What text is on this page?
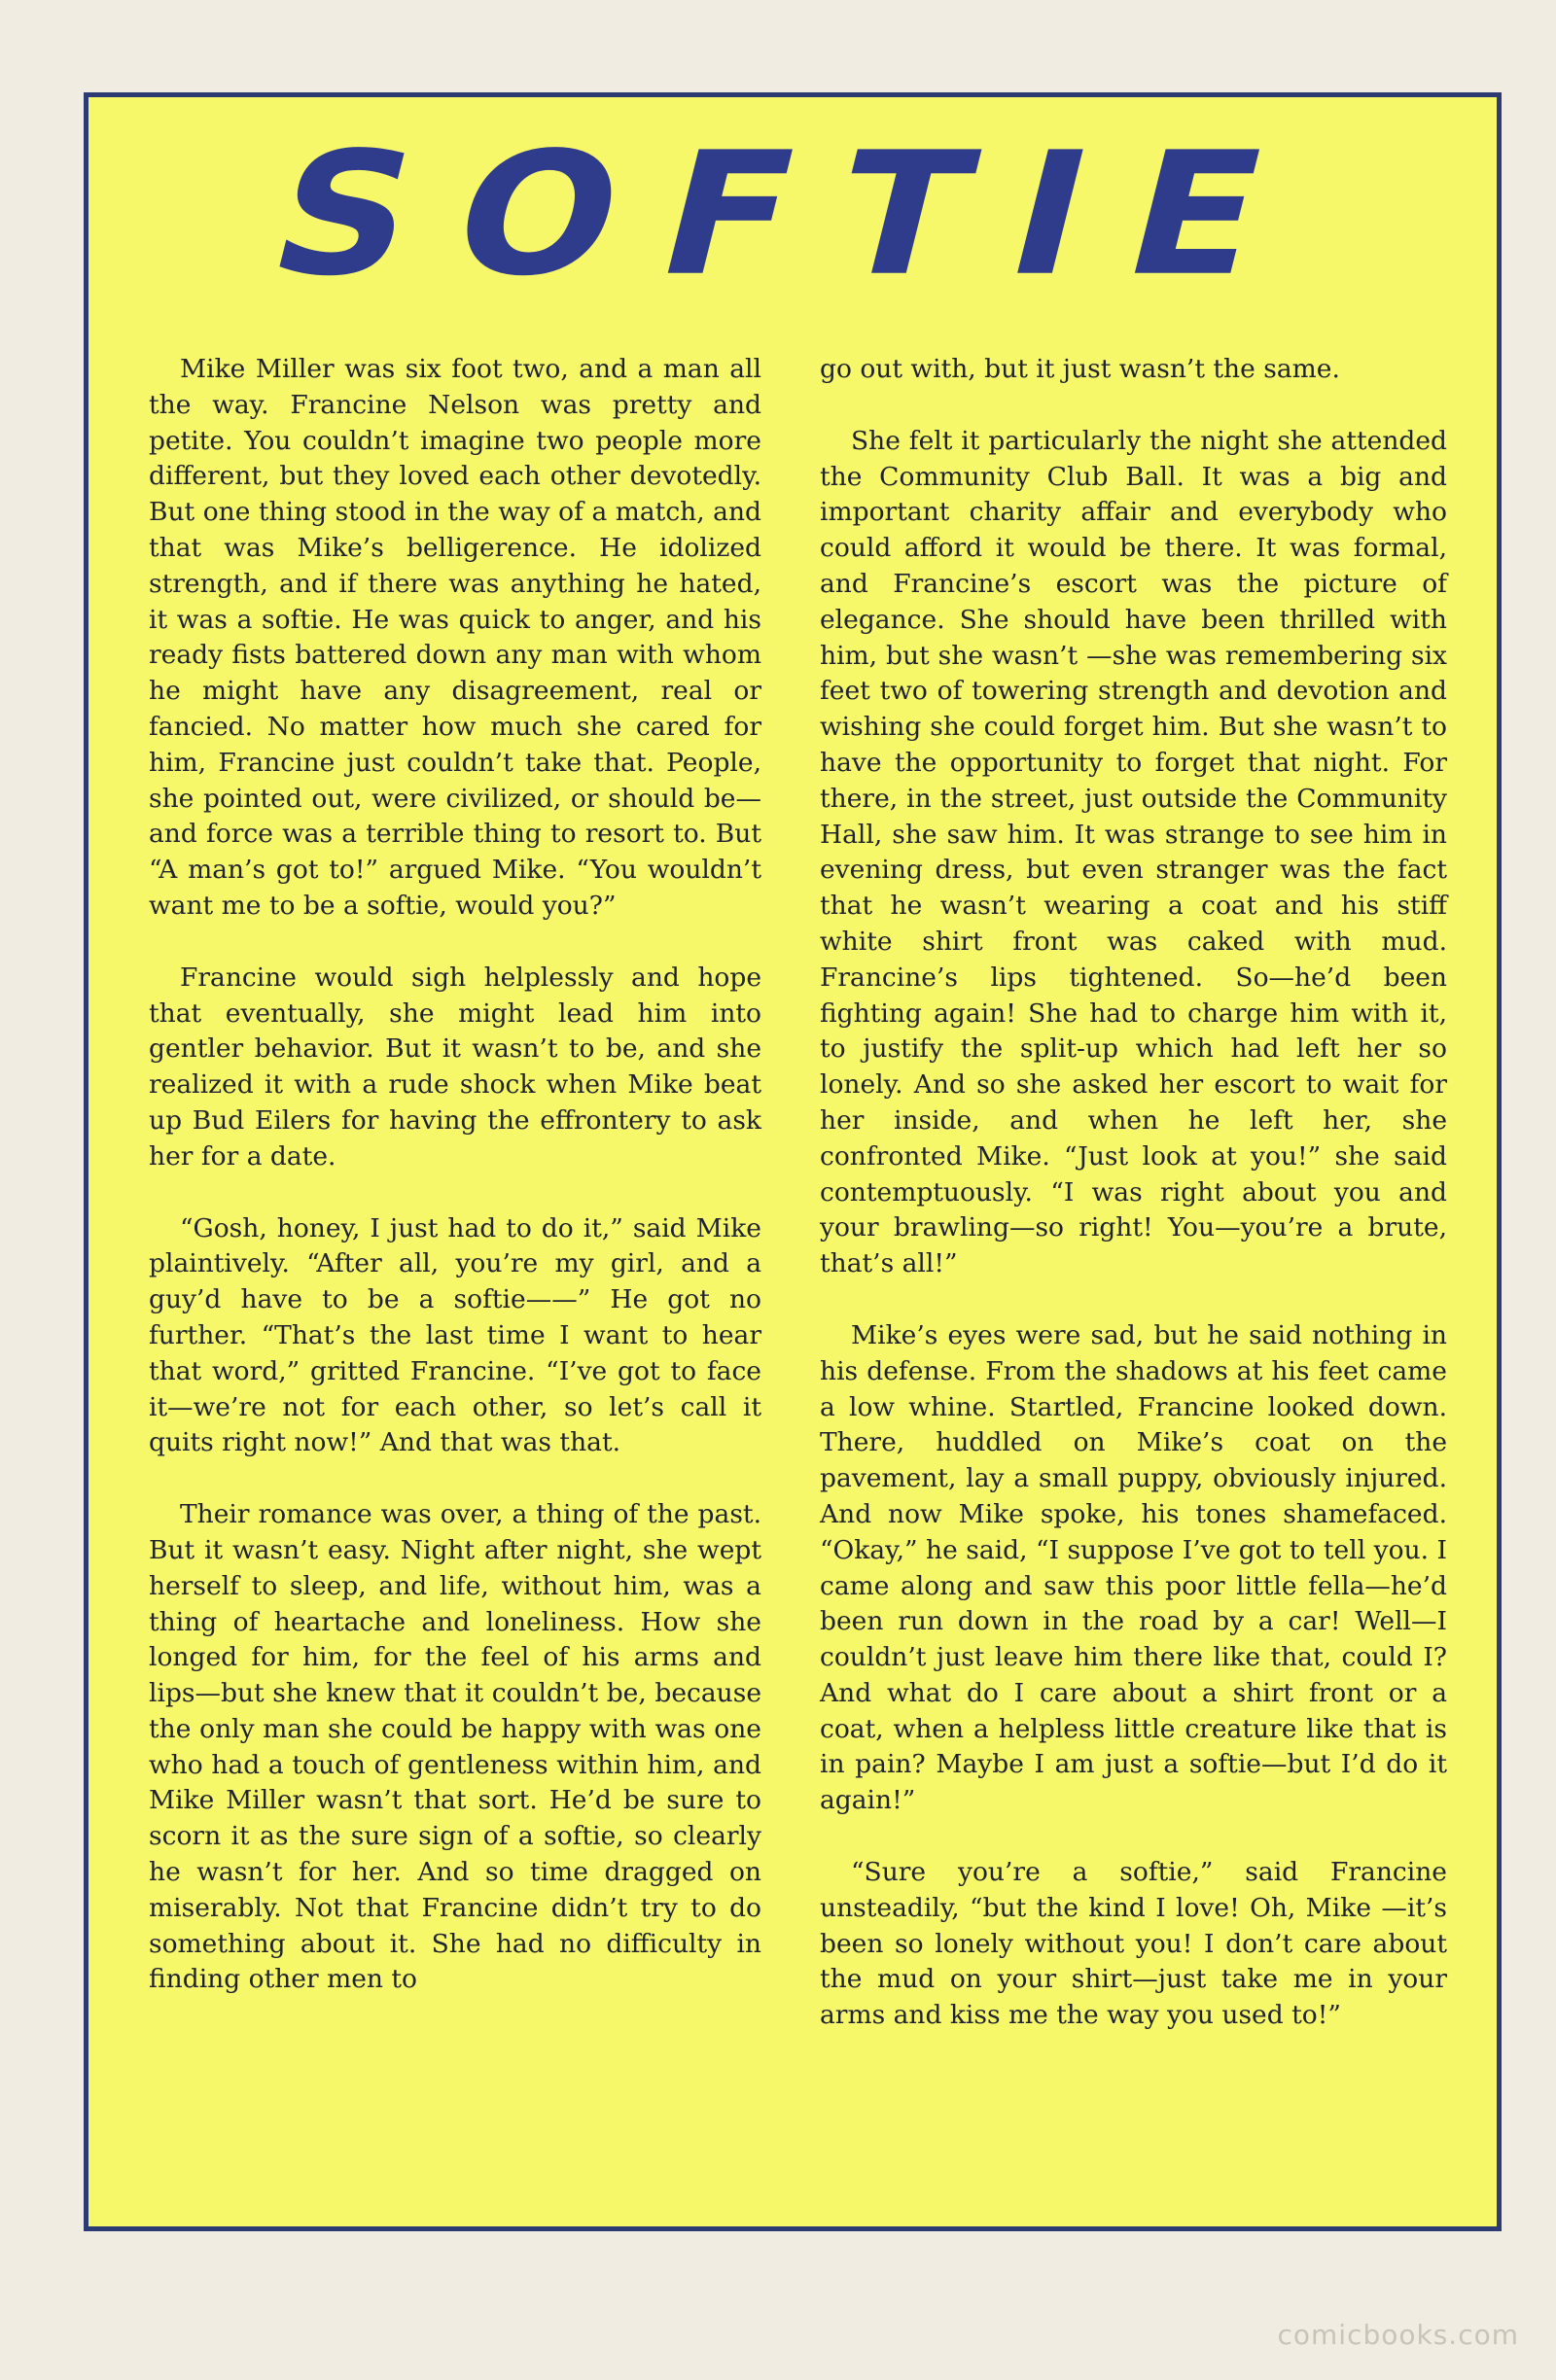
SOFTIE

Mike Miller was six foot two, and a man all the way. Francine Nelson was pretty and petite. You couldn’t imagine two people more different, but they loved each other devotedly. But one thing stood in the way of a match, and that was Mike’s belligerence. He idolized strength, and if there was anything he hated, it was a softie. He was quick to anger, and his ready fists battered down any man with whom he might have any disagreement, real or fancied. No matter how much she cared for him, Francine just couldn’t take that. People, she pointed out, were civilized, or should be—and force was a terrible thing to resort to. But “A man’s got to!” argued Mike. “You wouldn’t want me to be a softie, would you?”

Francine would sigh helplessly and hope that eventually, she might lead him into gentler behavior. But it wasn’t to be, and she realized it with a rude shock when Mike beat up Bud Eilers for having the effrontery to ask her for a date.

“Gosh, honey, I just had to do it,” said Mike plaintively. “After all, you’re my girl, and a guy’d have to be a softie——” He got no further. “That’s the last time I want to hear that word,” gritted Francine. “I’ve got to face it—we’re not for each other, so let’s call it quits right now!” And that was that.

Their romance was over, a thing of the past. But it wasn’t easy. Night after night, she wept herself to sleep, and life, without him, was a thing of heartache and loneliness. How she longed for him, for the feel of his arms and lips—but she knew that it couldn’t be, because the only man she could be happy with was one who had a touch of gentleness within him, and Mike Miller wasn’t that sort. He’d be sure to scorn it as the sure sign of a softie, so clearly he wasn’t for her. And so time dragged on miserably. Not that Francine didn’t try to do something about it. She had no difficulty in finding other men to

go out with, but it just wasn’t the same.

She felt it particularly the night she attended the Community Club Ball. It was a big and important charity affair and everybody who could afford it would be there. It was formal, and Francine’s escort was the picture of elegance. She should have been thrilled with him, but she wasn’t —she was remembering six feet two of towering strength and devotion and wishing she could forget him. But she wasn’t to have the opportunity to forget that night. For there, in the street, just outside the Community Hall, she saw him. It was strange to see him in evening dress, but even stranger was the fact that he wasn’t wearing a coat and his stiff white shirt front was caked with mud. Francine’s lips tightened. So—he’d been fighting again! She had to charge him with it, to justify the split-up which had left her so lonely. And so she asked her escort to wait for her inside, and when he left her, she confronted Mike. “Just look at you!” she said contemptuously. “I was right about you and your brawling—so right! You—you’re a brute, that’s all!”

Mike’s eyes were sad, but he said nothing in his defense. From the shadows at his feet came a low whine. Startled, Francine looked down. There, huddled on Mike’s coat on the pavement, lay a small puppy, obviously injured. And now Mike spoke, his tones shamefaced. “Okay,” he said, “I suppose I’ve got to tell you. I came along and saw this poor little fella—he’d been run down in the road by a car! Well—I couldn’t just leave him there like that, could I? And what do I care about a shirt front or a coat, when a helpless little creature like that is in pain? Maybe I am just a softie—but I’d do it again!”

“Sure you’re a softie,” said Francine unsteadily, “but the kind I love! Oh, Mike —it’s been so lonely without you! I don’t care about the mud on your shirt—just take me in your arms and kiss me the way you used to!”

comicbooks.com
